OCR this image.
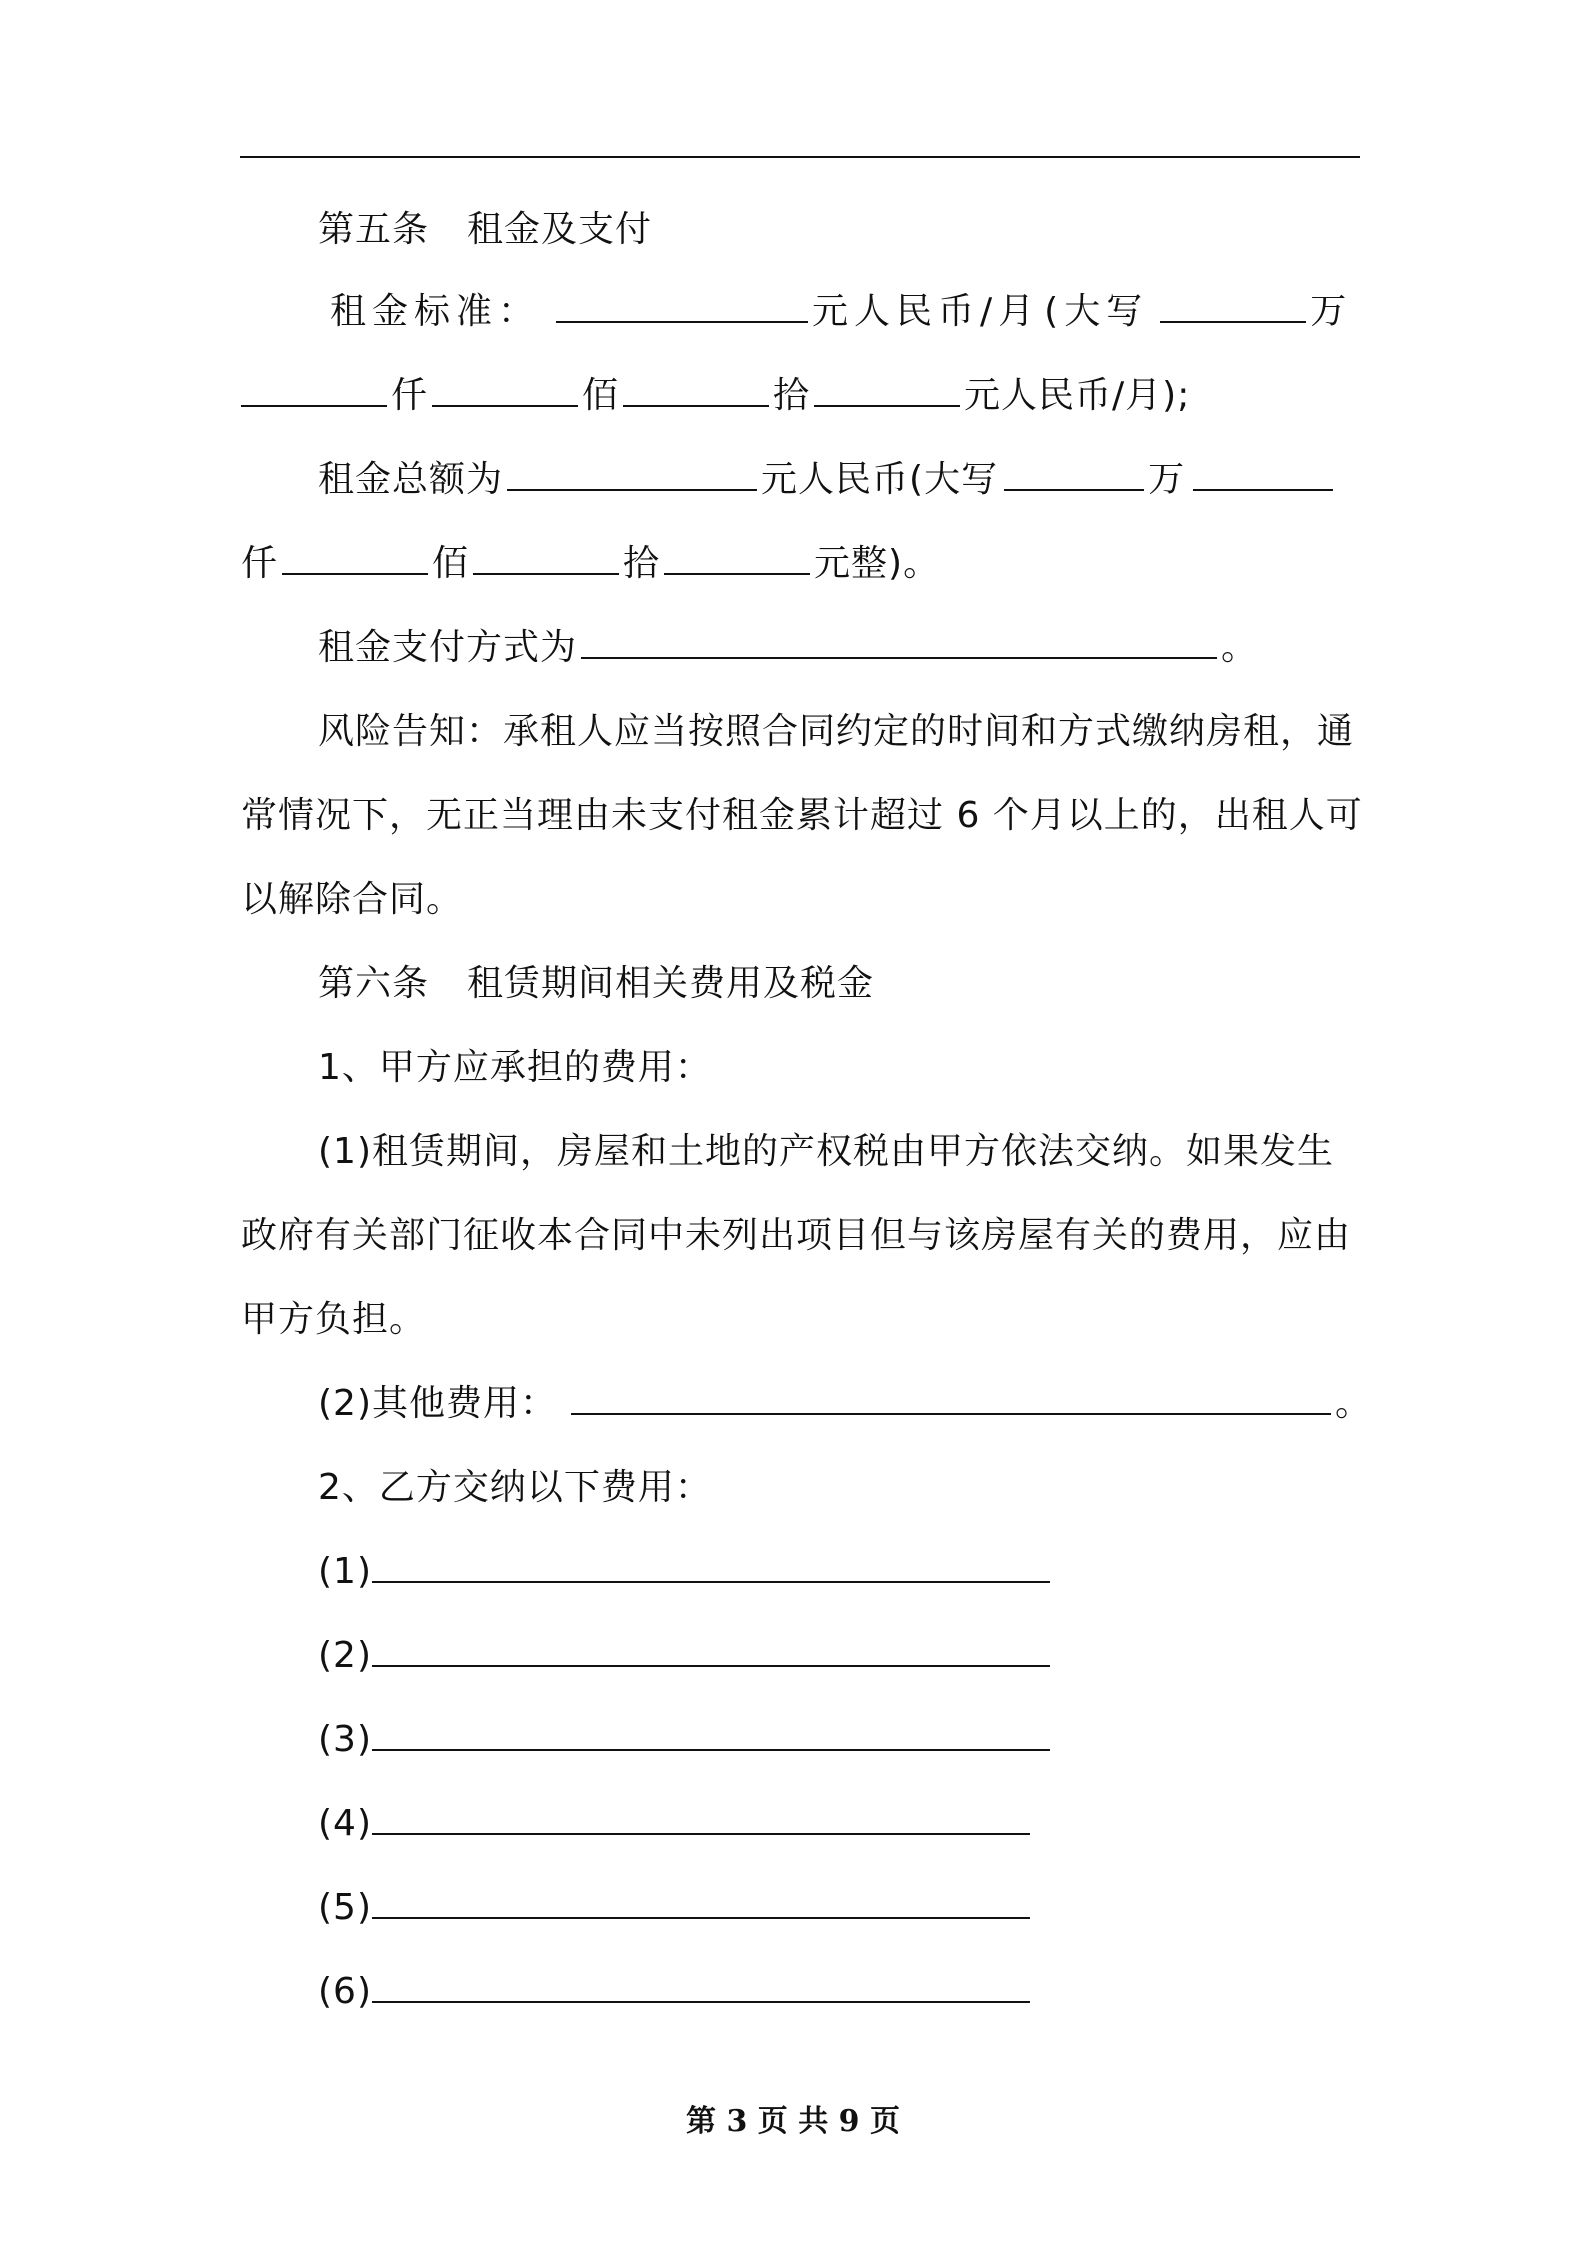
第五条 租金及支付
租金标准：	元人民币/月 (大写	万
仟	佰	拾	元人民币/月);
租金总额为	元人民币(大写	万
仟	佰	拾	元整)。
租金支付方式为	。
风险告知：承租人应当按照合同约定的时间和方式缴纳房租，通
常情况下，无正当理由未支付租金累计超过 6 个月以上的，出租人可
以解除合同。
第六条 租赁期间相关费用及税金
1、甲方应承担的费用：
(1)租赁期间，房屋和土地的产权税由甲方依法交纳。如果发生
政府有关部门征收本合同中未列出项目但与该房屋有关的费用，应由
甲方负担。
(2)其他费用：	。
2、乙方交纳以下费用：
(1)
(2)
(3)
(4)
(5)
(6)
第 3 页 共 9 页
